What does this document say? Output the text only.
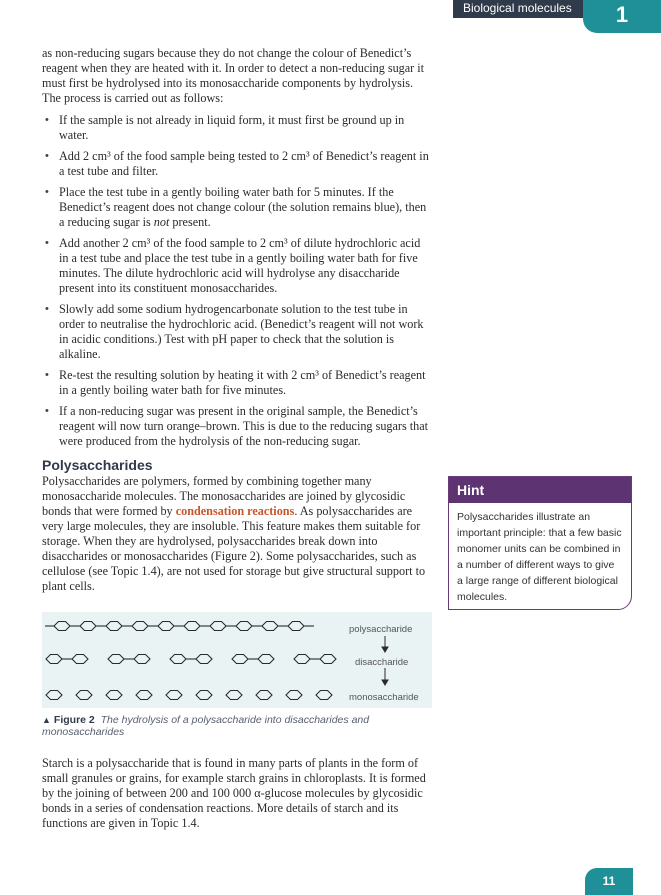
Biological molecules	1

as non-reducing sugars because they do not change the colour of Benedict’s reagent when they are heated with it. In order to detect a non-reducing sugar it must first be hydrolysed into its monosaccharide components by hydrolysis. The process is carried out as follows:

• If the sample is not already in liquid form, it must first be ground up in water.
• Add 2 cm³ of the food sample being tested to 2 cm³ of Benedict’s reagent in a test tube and filter.
• Place the test tube in a gently boiling water bath for 5 minutes. If the Benedict’s reagent does not change colour (the solution remains blue), then a reducing sugar is not present.
• Add another 2 cm³ of the food sample to 2 cm³ of dilute hydrochloric acid in a test tube and place the test tube in a gently boiling water bath for five minutes. The dilute hydrochloric acid will hydrolyse any disaccharide present into its constituent monosaccharides.
• Slowly add some sodium hydrogencarbonate solution to the test tube in order to neutralise the hydrochloric acid. (Benedict’s reagent will not work in acidic conditions.) Test with pH paper to check that the solution is alkaline.
• Re-test the resulting solution by heating it with 2 cm³ of Benedict’s reagent in a gently boiling water bath for five minutes.
• If a non-reducing sugar was present in the original sample, the Benedict’s reagent will now turn orange–brown. This is due to the reducing sugars that were produced from the hydrolysis of the non-reducing sugar.
Polysaccharides

Polysaccharides are polymers, formed by combining together many monosaccharide molecules. The monosaccharides are joined by glycosidic bonds that were formed by condensation reactions. As polysaccharides are very large molecules, they are insoluble. This feature makes them suitable for storage. When they are hydrolysed, polysaccharides break down into disaccharides or monosaccharides (Figure 2). Some polysaccharides, such as cellulose (see Topic 1.4), are not used for storage but give structural support to plant cells.

polysaccharide
disaccharide
monosaccharide
▲ Figure 2 The hydrolysis of a polysaccharide into disaccharides and monosaccharides

Starch is a polysaccharide that is found in many parts of plants in the form of small granules or grains, for example starch grains in chloroplasts. It is formed by the joining of between 200 and 100 000 α-glucose molecules by glycosidic bonds in a series of condensation reactions. More details of starch and its functions are given in Topic 1.4.

Hint
Polysaccharides illustrate an important principle: that a few basic monomer units can be combined in a number of different ways to give a large range of different biological molecules.
11
